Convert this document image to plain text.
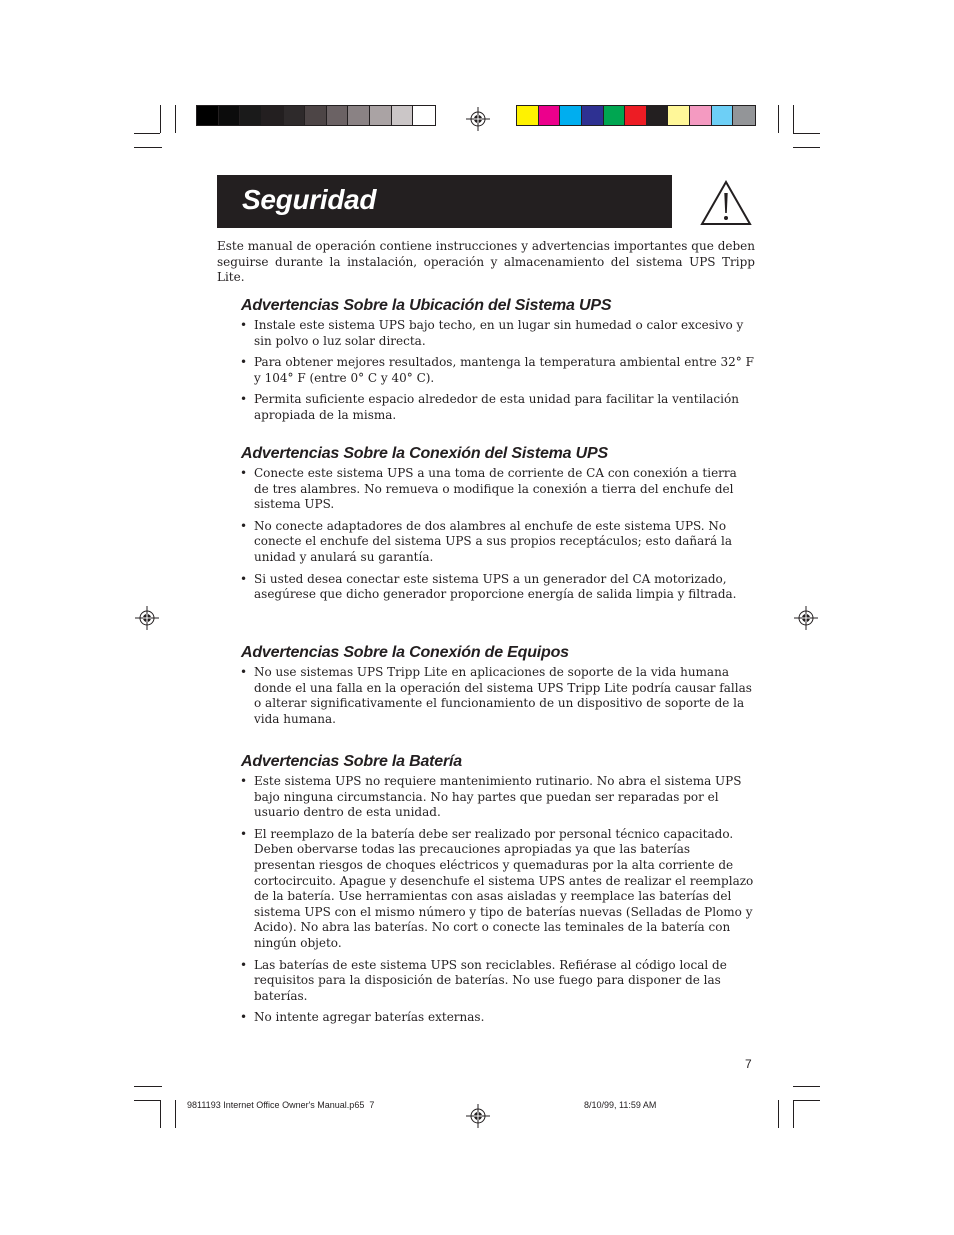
Seguridad
Este manual de operación contiene instrucciones y advertencias importantes que deben seguirse durante la instalación, operación y almacenamiento del sistema UPS Tripp Lite.
Advertencias Sobre la Ubicación del Sistema UPS
• Instale este sistema UPS bajo techo, en un lugar sin humedad o calor excesivo y sin polvo o luz solar directa.
• Para obtener mejores resultados, mantenga la temperatura ambiental entre 32° F y 104° F (entre 0° C y 40° C).
• Permita suficiente espacio alrededor de esta unidad para facilitar la ventilación apropiada de la misma.
Advertencias Sobre la Conexión del Sistema UPS
• Conecte este sistema UPS a una toma de corriente de CA con conexión a tierra de tres alambres. No remueva o modifique la conexión a tierra del enchufe del sistema UPS.
• No conecte adaptadores de dos alambres al enchufe de este sistema UPS. No conecte el enchufe del sistema UPS a sus propios receptáculos; esto dañará la unidad y anulará su garantía.
• Si usted desea conectar este sistema UPS a un generador del CA motorizado, asegúrese que dicho generador proporcione energía de salida limpia y filtrada.
Advertencias Sobre la Conexión de Equipos
• No use sistemas UPS Tripp Lite en aplicaciones de soporte de la vida humana donde el una falla en la operación del sistema UPS Tripp Lite podría causar fallas o alterar significativamente el funcionamiento de un dispositivo de soporte de la vida humana.
Advertencias Sobre la Batería
• Este sistema UPS no requiere mantenimiento rutinario. No abra el sistema UPS bajo ninguna circumstancia. No hay partes que puedan ser reparadas por el usuario dentro de esta unidad.
• El reemplazo de la batería debe ser realizado por personal técnico capacitado. Deben obervarse todas las precauciones apropiadas ya que las baterías presentan riesgos de choques eléctricos y quemaduras por la alta corriente de cortocircuito. Apague y desenchufe el sistema UPS antes de realizar el reemplazo de la batería. Use herramientas con asas aisladas y reemplace las baterías del sistema UPS con el mismo número y tipo de baterías nuevas (Selladas de Plomo y Acido). No abra las baterías. No cort o conecte las teminales de la batería con ningún objeto.
• Las baterías de este sistema UPS son reciclables. Refiérase al código local de requisitos para la disposición de baterías. No use fuego para disponer de las baterías.
• No intente agregar baterías externas.
7
9811193 Internet Office Owner's Manual.p65 7	8/10/99, 11:59 AM
